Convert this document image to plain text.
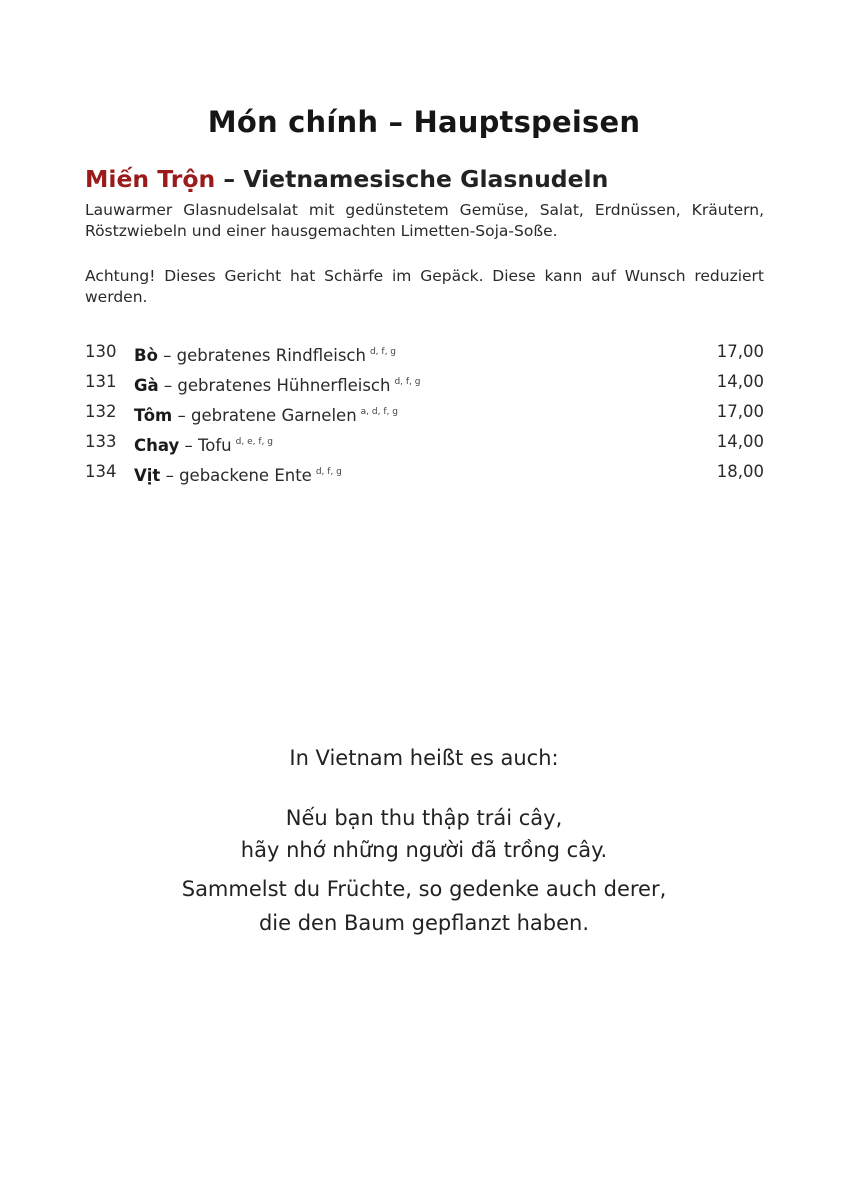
Món chính – Hauptspeisen
Miến Trộn – Vietnamesische Glasnudeln

Lauwarmer Glasnudelsalat mit gedünstetem Gemüse, Salat, Erdnüssen, Kräutern, Röstzwiebeln und einer hausgemachten Limetten-Soja-Soße.

Achtung! Dieses Gericht hat Schärfe im Gepäck. Diese kann auf Wunsch reduziert werden.

130 Bò – gebratenes Rindfleisch $^{d, f, g}$	17,00
131 Gà – gebratenes Hühnerfleisch $^{d, f, g}$	14,00
132 Tôm – gebratene Garnelen $^{a, d, f, g}$	17,00
133 Chay – Tofu $^{d, e, f, g}$	14,00
134 Vịt – gebackene Ente $^{d, f, g}$	18,00
In Vietnam heißt es auch:
Nếu bạn thu thập trái cây,
hãy nhớ những người đã trồng cây.
Sammelst du Früchte, so gedenke auch derer,
die den Baum gepflanzt haben.
